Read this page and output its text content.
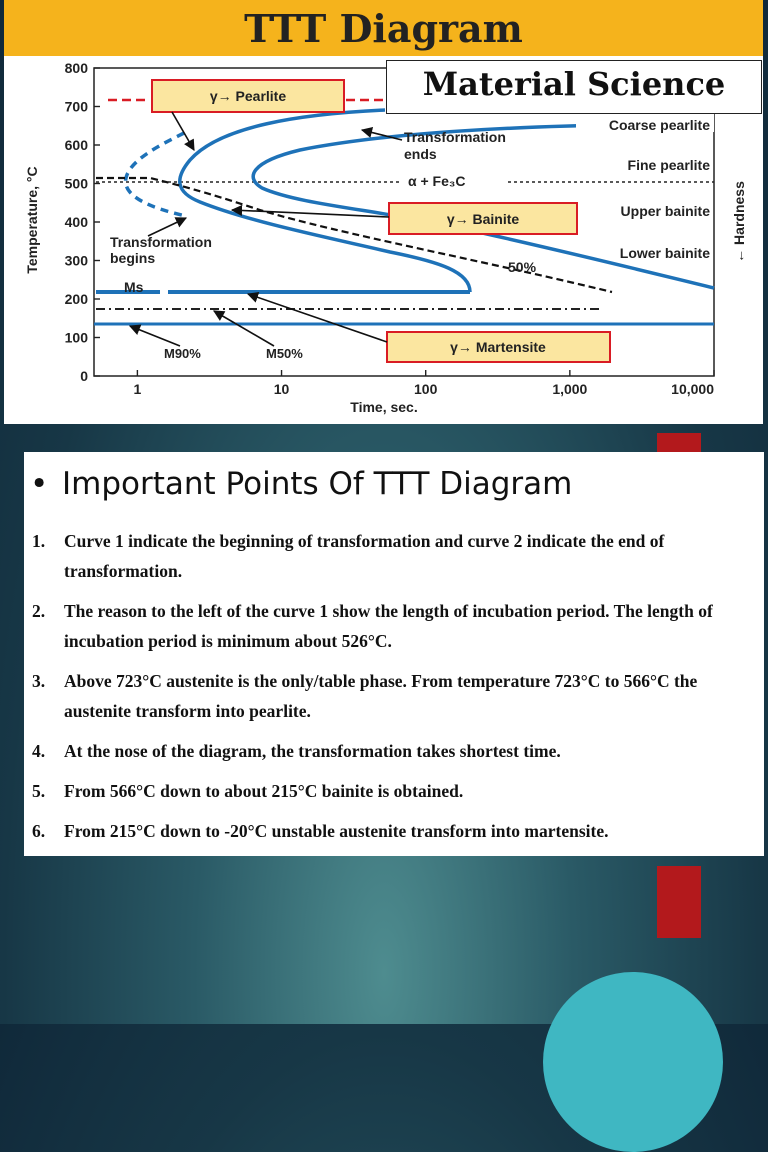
TTT Diagram
0
100
200
300
400
500
600
700
800
1	10	100	1,000	10,000
Temperature, °C
Time, sec.
← Hardness
γ→ Pearlite
γ→ Bainite
γ→ Martensite
Transformation ends
Transformation begins
α + Fe₃C
50%
Ms
M90%	M50%
Coarse pearlite
Fine pearlite
Upper bainite
Lower bainite
Material Science
• Important Points Of TTT Diagram
1. Curve 1 indicate the beginning of transformation and curve 2 indicate the end of transformation.
2. The reason to the left of the curve 1 show the length of incubation period. The length of incubation period is minimum about 526°C.
3. Above 723°C austenite is the only/table phase. From temperature 723°C to 566°C the austenite transform into pearlite.
4. At the nose of the diagram, the transformation takes shortest time.
5. From 566°C down to about 215°C bainite is obtained.
6. From 215°C down to -20°C unstable austenite transform into martensite.
